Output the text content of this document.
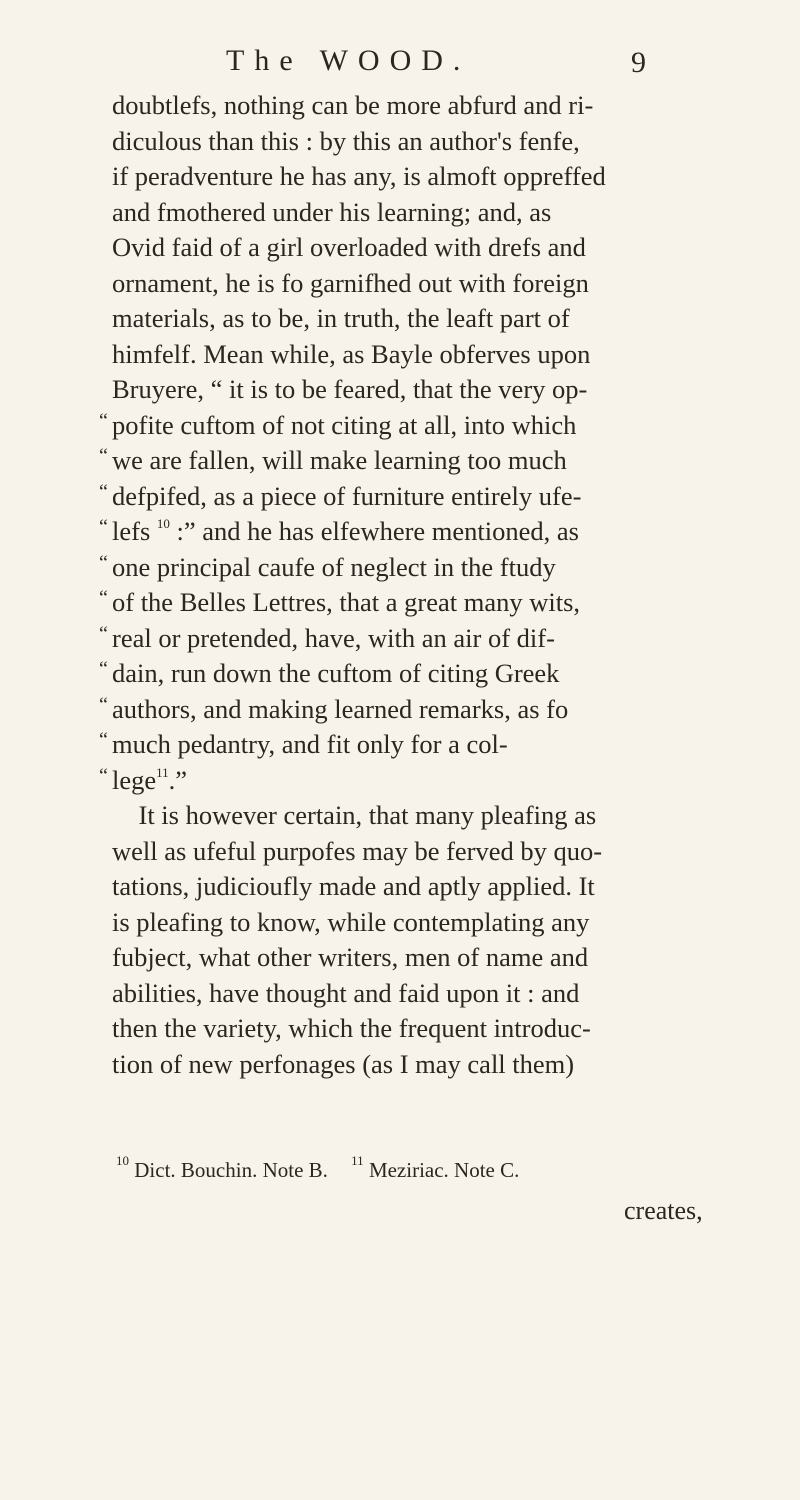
The WOOD.	9
doubtlefs, nothing can be more abfurd and ri-
diculous than this : by this an author's fenfe,
if peradventure he has any, is almoft oppreffed
and fmothered under his learning; and, as
Ovid faid of a girl overloaded with drefs and
ornament, he is fo garnifhed out with foreign
materials, as to be, in truth, the leaft part of
himfelf. Mean while, as Bayle obferves upon
Bruyere, “ it is to be feared, that the very op-
“ pofite cuftom of not citing at all, into which
“ we are fallen, will make learning too much
“ defpifed, as a piece of furniture entirely ufe-
“ lefs $^{10}$ :” and he has elfewhere mentioned, as
“ one principal caufe of neglect in the ftudy
“ of the Belles Lettres, that a great many wits,
“ real or pretended, have, with an air of dif-
“ dain, run down the cuftom of citing Greek
“ authors, and making learned remarks, as fo
“ much pedantry, and fit only for a col-
“ lege$^{11}$.”
 It is however certain, that many pleafing as
well as ufeful purpofes may be ferved by quo-
tations, judicioufly made and aptly applied. It
is pleafing to know, while contemplating any
fubject, what other writers, men of name and
abilities, have thought and faid upon it : and
then the variety, which the frequent introduc-
tion of new perfonages (as I may call them)
$^{10}$ Dict. Bouchin. Note B. $^{11}$ Meziriac. Note C.
creates,
